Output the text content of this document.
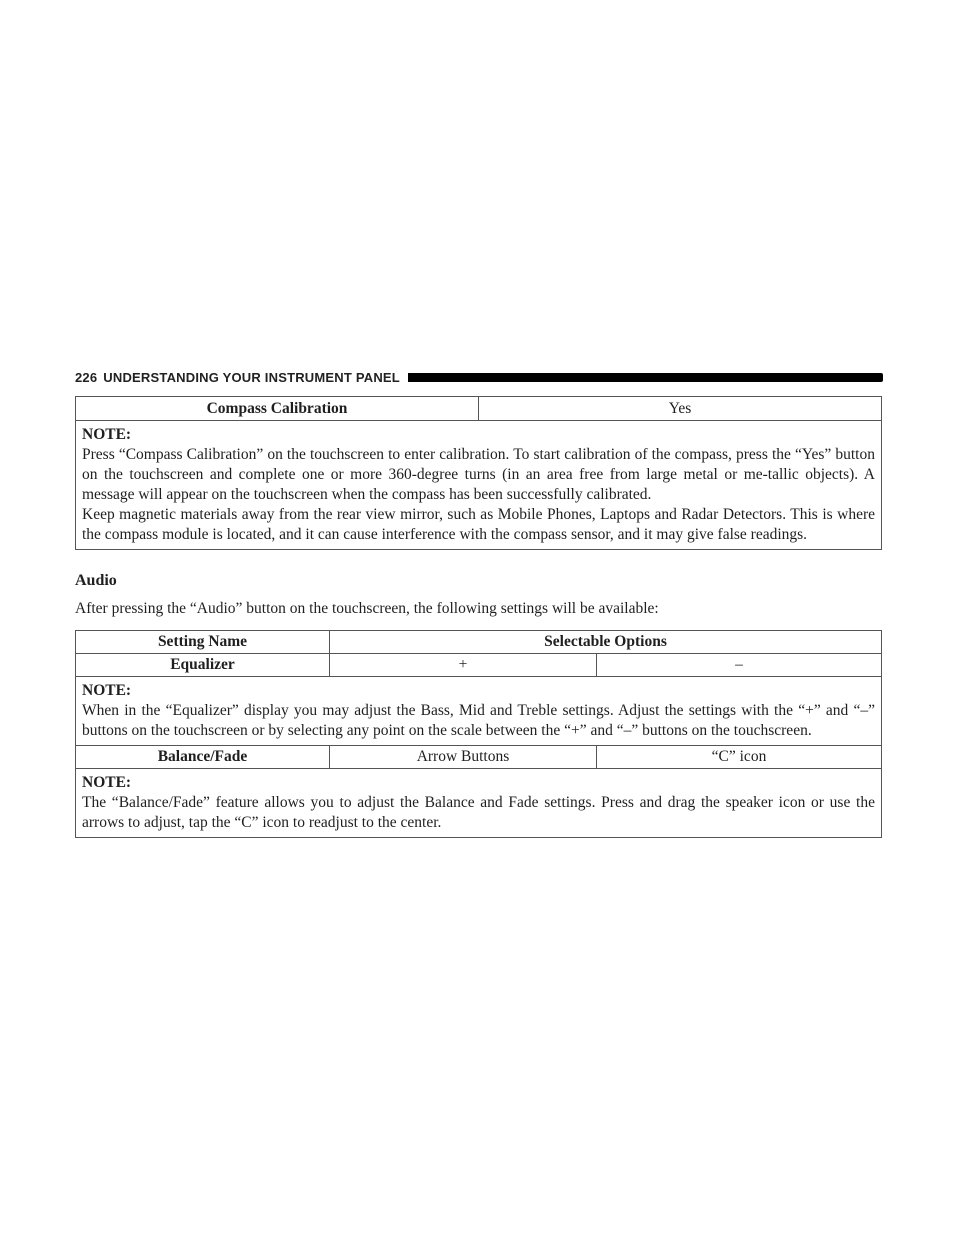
226 UNDERSTANDING YOUR INSTRUMENT PANEL
Compass Calibration	Yes

NOTE:
Press “Compass Calibration” on the touchscreen to enter calibration. To start calibration of the compass, press the “Yes” button on the touchscreen and complete one or more 360-degree turns (in an area free from large metal or me-tallic objects). A message will appear on the touchscreen when the compass has been successfully calibrated.
Keep magnetic materials away from the rear view mirror, such as Mobile Phones, Laptops and Radar Detectors. This is where the compass module is located, and it can cause interference with the compass sensor, and it may give false readings.
Audio
After pressing the “Audio” button on the touchscreen, the following settings will be available:
Setting Name	Selectable Options	
Equalizer	+	–

NOTE:
When in the “Equalizer” display you may adjust the Bass, Mid and Treble settings. Adjust the settings with the “+” and “–” buttons on the touchscreen or by selecting any point on the scale between the “+” and “–” buttons on the touchscreen.		

Balance/Fade	Arrow Buttons	“C” icon

NOTE:
The “Balance/Fade” feature allows you to adjust the Balance and Fade settings. Press and drag the speaker icon or use the arrows to adjust, tap the “C” icon to readjust to the center.		
